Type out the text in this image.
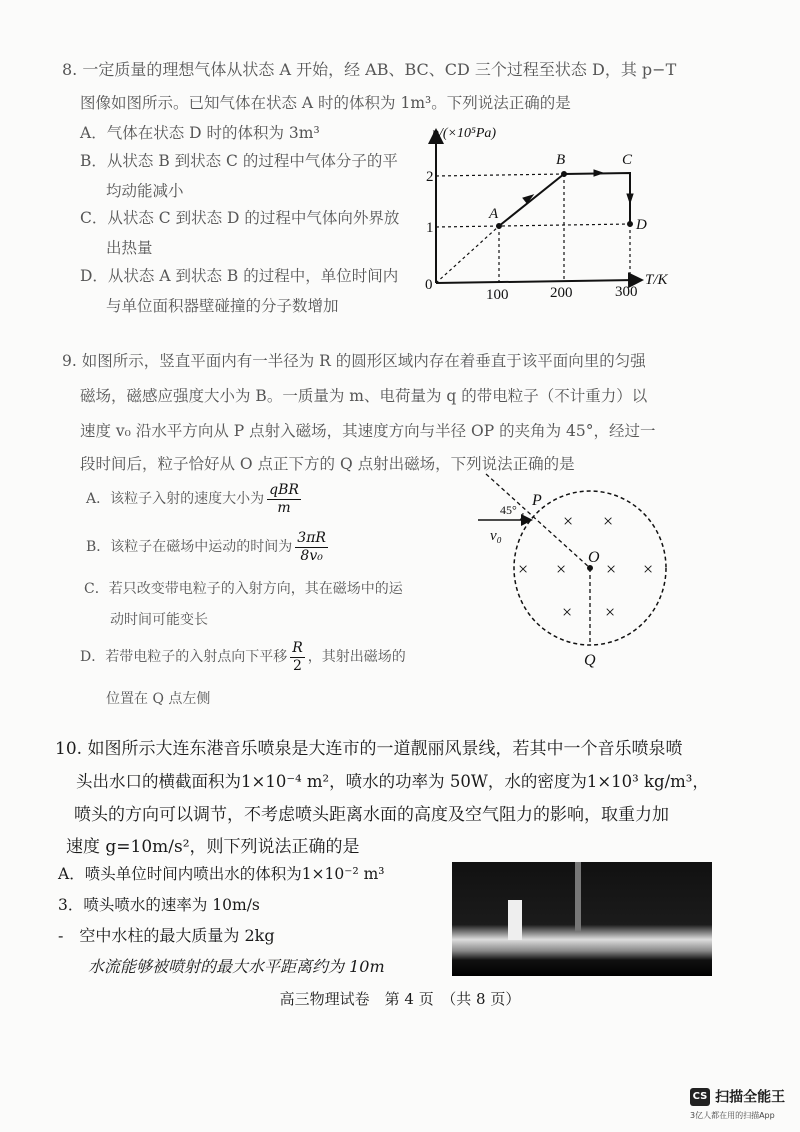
8. 一定质量的理想气体从状态 A 开始，经 AB、BC、CD 三个过程至状态 D，其 p−T
图像如图所示。已知气体在状态 A 时的体积为 1m³。下列说法正确的是
A．气体在状态 D 时的体积为 3m³
B．从状态 B 到状态 C 的过程中气体分子的平
均动能减小
C．从状态 C 到状态 D 的过程中气体向外界放
出热量
D．从状态 A 到状态 B 的过程中，单位时间内
与单位面积器壁碰撞的分子数增加
p/(×10⁵Pa)
T/K
0
100	200	300
1
2
A
B	C
D
× ×
× × × ×
× ×
P
O
Q
45°
v₀
9. 如图所示，竖直平面内有一半径为 R 的圆形区域内存在着垂直于该平面向里的匀强
磁场，磁感应强度大小为 B。一质量为 m、电荷量为 q 的带电粒子（不计重力）以
速度 v₀ 沿水平方向从 P 点射入磁场，其速度方向与半径 OP 的夹角为 45°，经过一
段时间后，粒子恰好从 O 点正下方的 Q 点射出磁场，下列说法正确的是
A．该粒子入射的速度大小为 $\frac{\text{qBR}}{m}$
B．该粒子在磁场中运动的时间为 $\frac{3\pi R}{\text{8v₀}}$
C．若只改变带电粒子的入射方向，其在磁场中的运
动时间可能变长
D．若带电粒子的入射点向下平移 $\frac{R}{2}$ ，其射出磁场的
位置在 Q 点左侧
10. 如图所示大连东港音乐喷泉是大连市的一道靓丽风景线，若其中一个音乐喷泉喷
头出水口的横截面积为1×10⁻⁴ m²，喷水的功率为 50W，水的密度为1×10³ kg/m³，
喷头的方向可以调节，不考虑喷头距离水面的高度及空气阻力的影响，取重力加
速度 g=10m/s²，则下列说法正确的是
A．喷头单位时间内喷出水的体积为1×10⁻² m³
3．喷头喷水的速率为 10m/s
-　空中水柱的最大质量为 2kg
水流能够被喷射的最大水平距离约为 10m
高三物理试卷　第 4 页　（共 8 页）
CS 扫描全能王
3亿人都在用的扫描App
